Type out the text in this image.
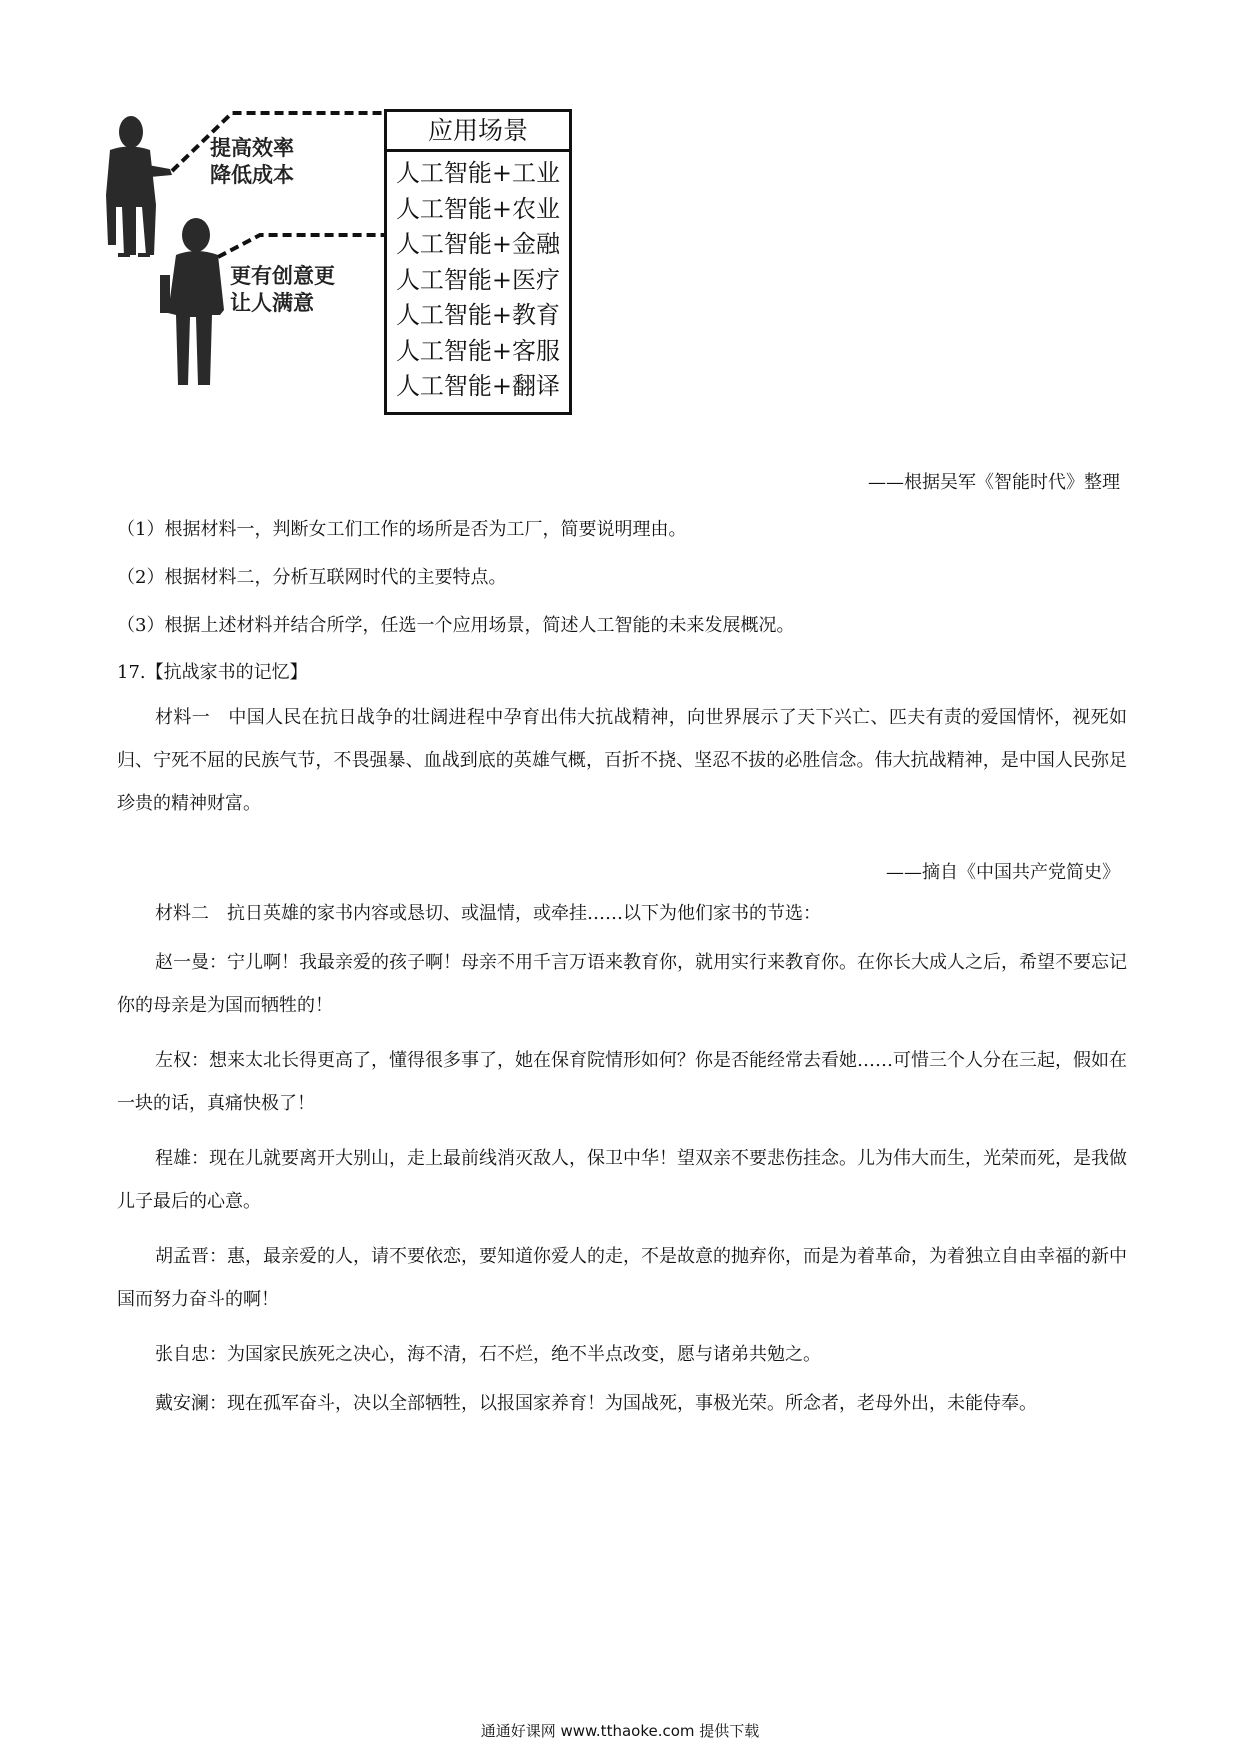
提高效率
降低成本
更有创意更
让人满意
应用场景
人工智能+工业
人工智能+农业
人工智能+金融
人工智能+医疗
人工智能+教育
人工智能+客服
人工智能+翻译
——根据吴军《智能时代》整理
（1）根据材料一，判断女工们工作的场所是否为工厂，简要说明理由。
（2）根据材料二，分析互联网时代的主要特点。
（3）根据上述材料并结合所学，任选一个应用场景，简述人工智能的未来发展概况。
17.【抗战家书的记忆】
材料一　中国人民在抗日战争的壮阔进程中孕育出伟大抗战精神，向世界展示了天下兴亡、匹夫有责的爱国情怀，视死如归、宁死不屈的民族气节，不畏强暴、血战到底的英雄气概，百折不挠、坚忍不拔的必胜信念。伟大抗战精神，是中国人民弥足珍贵的精神财富。
——摘自《中国共产党简史》
材料二　抗日英雄的家书内容或恳切、或温情，或牵挂……以下为他们家书的节选：
赵一曼：宁儿啊！我最亲爱的孩子啊！母亲不用千言万语来教育你，就用实行来教育你。在你长大成人之后，希望不要忘记你的母亲是为国而牺牲的！
左权：想来太北长得更高了，懂得很多事了，她在保育院情形如何？你是否能经常去看她……可惜三个人分在三起，假如在一块的话，真痛快极了！
程雄：现在儿就要离开大别山，走上最前线消灭敌人，保卫中华！望双亲不要悲伤挂念。儿为伟大而生，光荣而死，是我做儿子最后的心意。
胡孟晋：惠，最亲爱的人，请不要依恋，要知道你爱人的走，不是故意的抛弃你，而是为着革命，为着独立自由幸福的新中国而努力奋斗的啊！
张自忠：为国家民族死之决心，海不清，石不烂，绝不半点改变，愿与诸弟共勉之。
戴安澜：现在孤军奋斗，决以全部牺牲，以报国家养育！为国战死，事极光荣。所念者，老母外出，未能侍奉。
通通好课网 www.tthaoke.com 提供下载
